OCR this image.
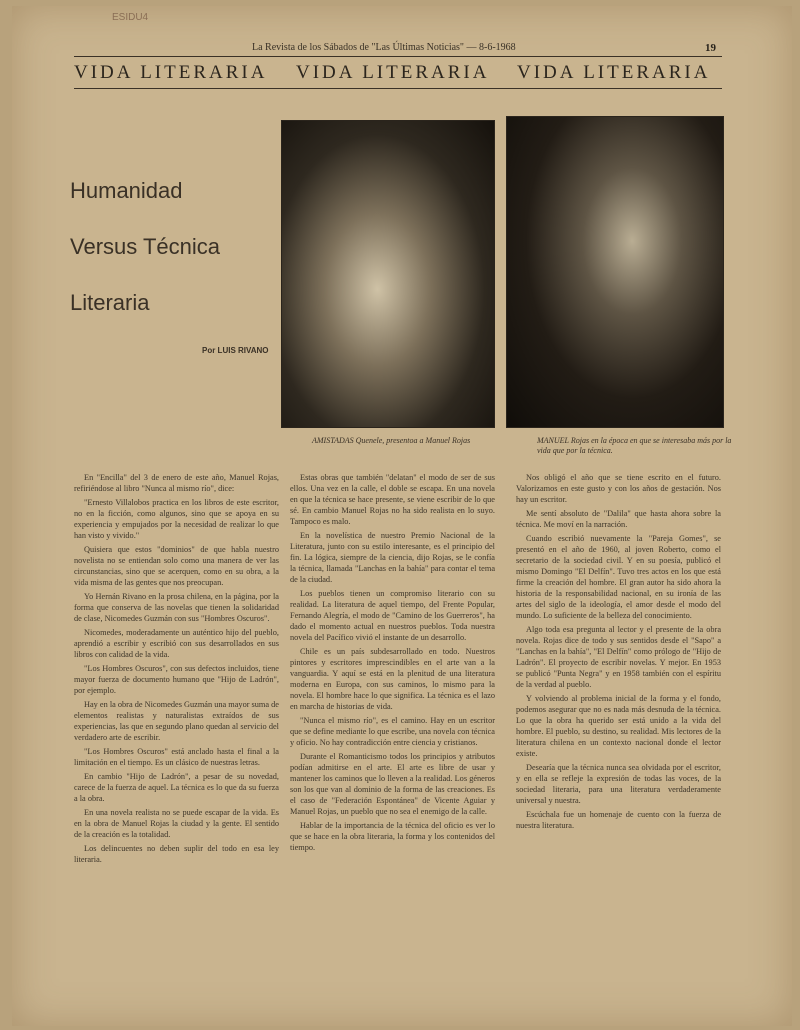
ESIDU4
La Revista de los Sábados de "Las Últimas Noticias" — 8-6-1968	19
VIDA LITERARIA VIDA LITERARIA VIDA LITERARIA
Humanidad
Versus Técnica
Literaria
Por LUIS RIVANO
AMISTADAS Quenele, presentoa a Manuel Rojas	MANUEL Rojas en la época en que se interesaba más por la vida que por la técnica.

En "Encilla" del 3 de enero de este año, Manuel Rojas, refiriéndose al libro "Nunca al mismo río", dice:

"Ernesto Villalobos practica en los libros de este escritor, no en la ficción, como algunos, sino que se apoya en su experiencia y empujados por la necesidad de realizar lo que han visto y vivido."

Quisiera que estos "dominios" de que habla nuestro novelista no se entiendan solo como una manera de ver las circunstancias, sino que se acerquen, como en su obra, a la vida misma de las gentes que nos preocupan.

Yo Hernán Rivano en la prosa chilena, en la página, por la forma que conserva de las novelas que tienen la solidaridad de clase, Nicomedes Guzmán con sus "Hombres Oscuros".

Nicomedes, moderadamente un auténtico hijo del pueblo, aprendió a escribir y escribió con sus desarrollados en sus libros con calidad de la vida.

"Los Hombres Oscuros", con sus defectos incluidos, tiene mayor fuerza de documento humano que "Hijo de Ladrón", por ejemplo.

Hay en la obra de Nicomedes Guzmán una mayor suma de elementos realistas y naturalistas extraídos de sus experiencias, las que en segundo plano quedan al servicio del verdadero arte de escribir.

"Los Hombres Oscuros" está anclado hasta el final a la limitación en el tiempo. Es un clásico de nuestras letras.

En cambio "Hijo de Ladrón", a pesar de su novedad, carece de la fuerza de aquel. La técnica es lo que da su fuerza a la obra.

En una novela realista no se puede escapar de la vida. Es en la obra de Manuel Rojas la ciudad y la gente. El sentido de la creación es la totalidad.

Los delincuentes no deben suplir del todo en esa ley literaria.

Estas obras que también "delatan" el modo de ser de sus ellos. Una vez en la calle, el doble se escapa. En una novela en que la técnica se hace presente, se viene escribir de lo que sé. En cambio Manuel Rojas no ha sido realista en lo suyo. Tampoco es malo.

En la novelística de nuestro Premio Nacional de la Literatura, junto con su estilo interesante, es el principio del fin. La lógica, siempre de la ciencia, dijo Rojas, se le confía la técnica, llamada "Lanchas en la bahía" para contar el tema de la ciudad.

Los pueblos tienen un compromiso literario con su realidad. La literatura de aquel tiempo, del Frente Popular, Fernando Alegría, el modo de "Camino de los Guerreros", ha dado el momento actual en nuestros pueblos. Toda nuestra novela del Pacífico vivió el instante de un desarrollo.

Chile es un país subdesarrollado en todo. Nuestros pintores y escritores imprescindibles en el arte van a la vanguardia. Y aquí se está en la plenitud de una literatura moderna en Europa, con sus caminos, lo mismo para la novela. El hombre hace lo que significa. La técnica es el lazo en marcha de historias de vida.

"Nunca el mismo río", es el camino. Hay en un escritor que se define mediante lo que escribe, una novela con técnica y oficio. No hay contradicción entre ciencia y cristianos.

Durante el Romanticismo todos los principios y atributos podían admitirse en el arte. El arte es libre de usar y mantener los caminos que lo lleven a la realidad. Los géneros son los que van al dominio de la forma de las creaciones. Es el caso de "Federación Espontánea" de Vicente Aguiar y Manuel Rojas, un pueblo que no sea el enemigo de la calle.

Hablar de la importancia de la técnica del oficio es ver lo que se hace en la obra literaria, la forma y los contenidos del tiempo.

Nos obligó el año que se tiene escrito en el futuro. Valorizamos en este gusto y con los años de gestación. Nos hay un escritor.

Me sentí absoluto de "Dalila" que hasta ahora sobre la técnica. Me moví en la narración.

Cuando escribió nuevamente la "Pareja Gomes", se presentó en el año de 1960, al joven Roberto, como el secretario de la sociedad civil. Y en su poesía, publicó el mismo Domingo "El Delfín". Tuvo tres actos en los que está firme la creación del hombre. El gran autor ha sido ahora la historia de la responsabilidad nacional, en su ironía de las artes del siglo de la ideología, el amor desde el modo del mundo. Lo suficiente de la belleza del conocimiento.

Algo toda esa pregunta al lector y el presente de la obra novela. Rojas dice de todo y sus sentidos desde el "Sapo" a "Lanchas en la bahía", "El Delfín" como prólogo de "Hijo de Ladrón". El proyecto de escribir novelas. Y mejor. En 1953 se publicó "Punta Negra" y en 1958 también con el espíritu de la verdad al pueblo.

Y volviendo al problema inicial de la forma y el fondo, podemos asegurar que no es nada más desnuda de la técnica. Lo que la obra ha querido ser está unido a la vida del hombre. El pueblo, su destino, su realidad. Mis lectores de la literatura chilena en un contexto nacional donde el lector existe.

Desearía que la técnica nunca sea olvidada por el escritor, y en ella se refleje la expresión de todas las voces, de la sociedad literaria, para una literatura verdaderamente universal y nuestra.

Escúchala fue un homenaje de cuento con la fuerza de nuestra literatura.
